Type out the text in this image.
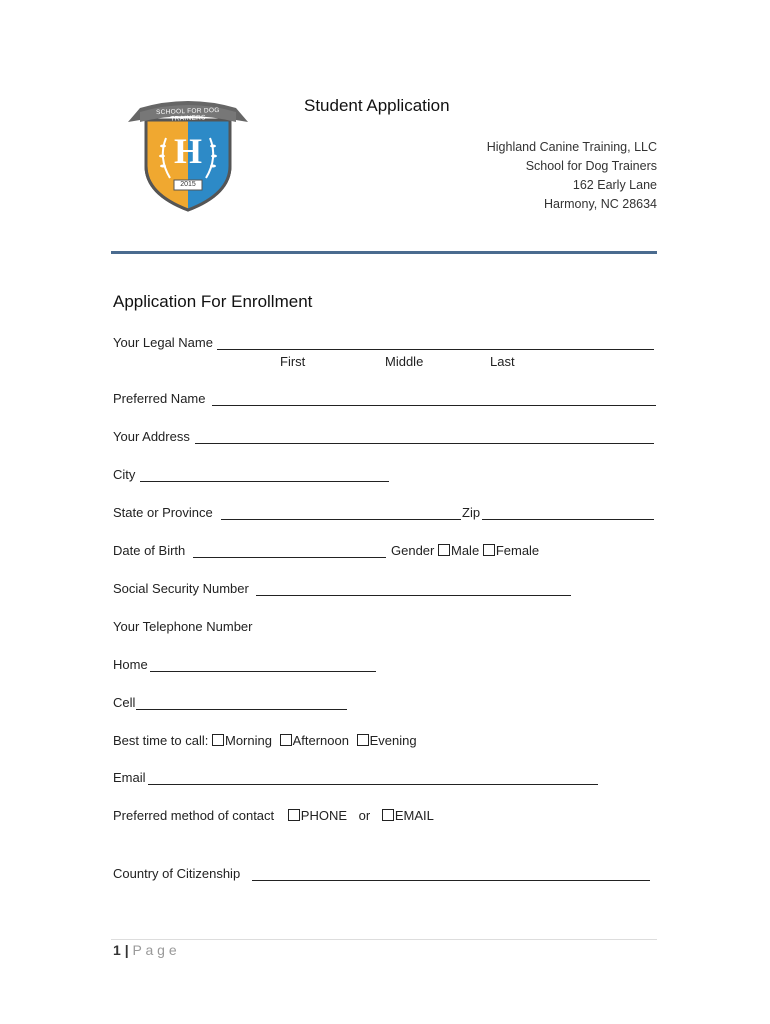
SCHOOL FOR DOG TRAINERS
H
2015
Student Application
Highland Canine Training, LLC
School for Dog Trainers
162 Early Lane
Harmony, NC 28634
Application For Enrollment
Your Legal Name
First	Middle	Last
Preferred Name
Your Address
City
State or Province	Zip
Date of Birth	Gender Male Female
Social Security Number
Your Telephone Number
Home
Cell
Best time to call: Morning Afternoon Evening
Email
Preferred method of contact PHONE or EMAIL
Country of Citizenship
1 | P a g e
